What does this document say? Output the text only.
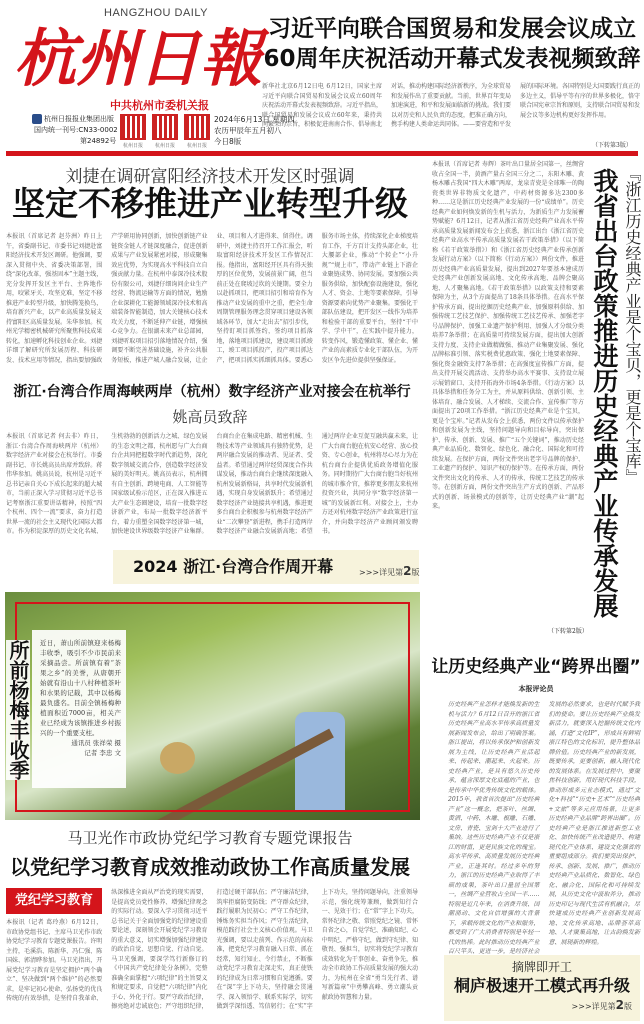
杭州日報
HANGZHOU DAILY
中共杭州市委机关报
杭州日报报业集团出版
国内统一刊号:CN33-0002
第24892号
杭州日报	杭州日报	杭州日报
2024年6月13日 星期四
农历甲辰年五月初八
今日8版
习近平向联合国贸易和发展会议成立
60周年庆祝活动开幕式发表视频致辞
新华社北京6月12日电 6月12日，国家主席习近平向联合国贸易和发展会议成立60周年庆祝活动开幕式发表视频致辞。习近平指出，联合国贸易和发展会议成立60年来，秉持共同繁荣的宗旨，积极促进南南合作、倡导南北对话，推动构建国际经济新秩序，为全球贸易和发展作出了重要贡献。当前，世界百年变局加速演进，和平和发展面临新的挑战。我们要以对历史和人民负责的态度，把准正确方向，携手构建人类命运共同体。——要营造和平发展的国际环境。各国特别是大国要践行真正的多边主义，倡导平等有序的世界多极化，恪守联合国宪章宗旨和原则，支持联合国贸易和发展会议等多边机构更好发挥作用。
（下转第3版）
刘捷在调研富阳经济技术开发区时强调
坚定不移推进产业转型升级
本报讯（首席记者 赵芬洲）昨日上午，省委副书记、市委书记刘捷赴富阳经济技术开发区调研。他强调，要深入贯彻中央、省委决策部署，围绕“深化改革，强基固本”主题主线，充分发挥开发区主平台、主阵地作用，咬紧牙关、攻坚克难，坚定不移推进产业转型升级，加快腾笼换鸟，培育新兴产业，以产业高质量发展支持富阳区高质量发展。朱华参加。杭州光学精密机械研究所聚焦科技成果转化，加速孵化科技创业企业。刘捷详细了解研究所发展历程、科技研发、技术应用等情况，指出要加强政产学研用协同创新，加快创新链产业链资金链人才链深度融合，促进创新成果与产业发展紧密对接，形成聚集效应优势，为实现高水平科技自立自强贡献力量。在杭州中泰深冷技术股份有限公司，刘捷仔细询问企业生产经营、物流运输等方面的情况，勉励企业深耕化工能源领域深冷技术和高端装备智能制造，加大关键核心技术攻关力度，不断延伸产业链，增强核心竞争力。在银湖未来产业总部园，刘捷听取项目招引落地情况介绍，强调要不断完善基础设施，补齐公共服务短板，推进产城人融合发展，让企业、项目和人才进得来、留得住。调研中，刘捷主持召开工作汇报会，听取富阳经济技术开发区工作情况汇报。他指出，富阳经开区具有得天独厚的区位优势，发展前景广阔，但当前正处在爬坡过坎的关键期。要全力以赴抓项目，把项目招引和培育作为推动产业发展的重中之重，把全生命周期管理服务理念贯穿项目建设各领域各环节，加大“走出去”招引步伐，坚持盯项目抓签约，签约项目抓落地，落地项目抓建设，建设项目抓竣工，竣工项目抓投产，投产项目抓达产，把项目抓实抓细抓具体。要悉心服务市场主体，持续深化企业梯度培育工作，千方百计支持头部企业，壮大腰部企业，推动“个转企”“小升规”“规上市”，带动产业链上下游企业聚链成势、协同发展。要加强公共服务供给，加快配套设施建设，强化人才、资金、土地等要素保障，引导资源要素向优势产业聚集。要强化干部队伍建设，把开发区一线作为培养和检验干部的重要平台，坚持“干中学、学中干”，在实践中提升能力，转变作风，锻造懂政策、懂企业、懂产业的高素质专业化干部队伍，为开发区争先进位提供坚强保证。
本报讯（首席记者 寿辉）茶叶出口量居全国第一，丝绸营收占全国一半，黄酒产量占全国三分之二，东阳木雕、黄杨木雕占我国“四大木雕”两席，龙泉青瓷是全球唯一的陶瓷类世界非物质文化遗产，中药材资源多达2300多种……这是浙江历史经典产业发展的一份“成绩单”。历史经典产业如何焕发新的生机与活力，为新质生产力发展蓄势赋能？6月12日，记者从浙江省历史经典产业高水平传承高质量发展新闻发布会上获悉，浙江出台《浙江省历史经典产业高水平传承高质量发展若干政策举措》（以下简称《若干政策举措》）和《浙江省历史经典产业传承创新发展行动方案》（以下简称《行动方案》）两份文件，推进历史经典产业高质量发展，提出到2027年要基本建成历史经典产业创新发展高地、文化传承高地、品牌会聚高地、人才聚集高地。《若干政策举措》以政策支持和要素保障为主，从3个方面提出了18条具体举措。在高水平保护传承方面，提出挖掘历史经典产业、加强原料供给、加强传统工艺技艺保护、加强传统工艺技艺传承、加强老字号品牌保护、加强工业遗产保护利用、加强人才分级分类培养7条举措；在高质量可持续发展方面，提出加大创新支持力度、支持企业做精做强、推动产业集聚发展、强化品牌标准引领、落实税费优惠政策、强化土地要素保障、强化资金融资支持7条举措；在高强度宣传推广方面，提出支持开展交流活动、支持举办高水平赛事、支持设立展示展销窗口、支持开拓海外市场4条举措。《行动方案》以具体举措和任务分工为主，并从原料供给、创新引领、主体培育、融合发展、人才梯续、交流合作、宣传推广等方面提出了20项工作举措。“浙江历史经典产业是个宝贝，更是个宝库。”记者从发布会上获悉，两份文件以传承保护和创新发展为主线，坚持问题导向和目标导向，突出保护、传承、创新、发展、推广“五个关键词”，推动历史经典产业品质化、数智化、绿色化、融合化、国际化和可持续发展。在保护方面，两份文件突出老字号品牌的保护、工业遗产的保护、知识产权的保护等。在传承方面，两份文件突出文化的传承、人才的传承、传统工艺技艺的传承等。在创新方面，两份文件突出生产方式的创新、产品形式的创新、场景模式的创新等，让历史经典产业“潮”起来。
（下转第2版）
我省出台政策推进历史经典产业传承发展 『浙江历史经典产业是个宝贝，更是个宝库』
浙江·台湾合作周海峡两岸（杭州）数字经济产业对接会在杭举行
姚高员致辞
本报讯（首席记者 何去非）昨日，浙江·台湾合作周海峡两岸（杭州）数字经济产业对接会在杭举行。市委副书记、市长姚高员出席并致辞。蒋伟华参加。姚高员说，杭州是习近平总书记亲自关心下成长起来的超大城市，当前正深入学习贯彻习近平总书记考察浙江重要讲话精神，按照“四个杭州、四个一流”要求，奋力打造世界一流的社会主义现代化国际大都市。作为积淀深厚的历史文化名城、生机勃勃的创新活力之城、绿色发展的生态文明之都，杭州愿与广大台商台企共同把握数字时代新趋势，深化数字领域交流合作，创造数字经济发展的美好明天。姚高员表示，杭州拥有自主创新、跨境电商、人工智能等国家级试验示范区，正在深入推进五大产业生态圈建设，培育一批数字经济新产业，布局一批数字经济新平台，着力重塑全国数字经济第一城，加快建设世界级数字经济产业集群。台商台企在集成电路、精密机械、生物技术等产业领域具有独特优势，是两岸融合发展的推动者、见证者、受益者。希望通过两岸经贸深度合作共谋发展，推动台商台企继续深度融入杭州发展新格局，共享时代发展新机遇，实现自身发展新跃升；希望通过数字经济产业链接共享机遇，推进更多台商台企积极参与杭州数字经济产业“二次攀登”新进程，携手打造两岸数字经济产业融合发展新高地；希望通过两岸企业互促互融共赢未来，让广大台商台胞在杭安心经营、放心投资、专心创业，杭州将尽心尽力为在杭台商台企提供优质政务增值化服务。同时期待广大台商台胞当好杭州的城市推介官，推荐更多朋友来杭州投资兴业，共同分享“数字经济第一城”的发展新红利。对接会上，主办方还对杭州数字经济产业政策进行宣介，并向数字经济产业顾问颁发聘书。
2024 浙江·台湾合作周开幕	>>>详见第2版
所前杨梅丰收季	近日，萧山所前镇迎来杨梅丰收季，吸引不少市民前来采摘品尝。所前镇有着“茶果之乡”的美誉，从唐朝开始就有沿山十八村种植茶叶和水果的记载，其中以杨梅最负盛名。目前全镇杨梅种植面积近7000亩，相关产业已经成为该镇推进乡村振兴的一个重要支柱。
通讯员 张祥荣 摄
记者 李忠 文
马卫光作市政协党纪学习教育专题党课报告
以党纪学习教育成效推动政协工作高质量发展
党纪学习教育
本报讯（记者 葛玲燕）6月12日，市政协党组书记、主席马卫光作市政协党纪学习教育专题党课报告。许明主持，毛溪浩、陈新华、冯仁强、陈国妹、郭清晔参加。马卫光指出，开展党纪学习教育是坚定拥护“两个确立”、坚决做到“两个维护”的必然要求，是牢记初心使命、弘扬党的优良传统的有效举措，是坚持自我革命、纵深推进全面从严治党的现实需要，是提高党员党性修养、增强纪律观念的实际行动。要深入学习贯彻习近平总书记关于全面加强党的纪律建设重要论述，深刻领会开展党纪学习教育的重大意义，切实增强加强纪律建设的政治自觉、思想自觉、行动自觉。马卫光强调，要深学笃行新修订的《中国共产党纪律处分条例》，完整准确全面掌握“六项纪律”的主旨要义和规定要求，自觉把“六项纪律”内化于心、外化于行。要严守政治纪律，擦亮绝对忠诚底色；严守组织纪律，打造过硬干部队伍；严守廉洁纪律，筑牢拒腐防变防线；严守群众纪律，践行履职为民初心；严守工作纪律，锤炼务实担当作风；严守生活纪律，模范践行社会主义核心价值观。马卫光强调，要以走前列、作示范的高标准，把党纪学习教育融入日常、抓在经常，知行知止、令行禁止，不断推动党纪学习教育走深走实，真正使铁的纪律成为日常习惯和自觉遵循。要在“深”字上下功夫，坚持融会贯通学、深入领悟学、联系实际学，切实做到学深悟透、笃信躬行；在“实”字上下功夫，坚持问题导向，注重领导示范，强化统筹兼顾，做到知行合一、见效于行；在“常”字上下功夫，常怀纪律之敬、常照党纪之镜、常怀自省之心，自觉学纪、准确知纪、心中明纪、严格守纪，做到守纪律、知敬畏、强担当，切实将党纪学习教育成效转化为干事创业、奋勇争先，推动全市政协工作高质量发展的强大动力，为杭州在全省“勇当先行者、谱写新篇章”中勇攀高峰、勇立潮头贡献政协智慧和力量。
让历史经典产业“跨界出圈”
本报评论员
历史经典产业怎样才能焕发新的生机与活力？6月12日召开的浙江省历史经典产业高水平传承高质量发展新闻发布会，给出了明确答案。浙江提出，将以传承保护和创新发展为主线，让历史经典产业活起来、传起来、潮起来、火起来。历史经典产业，是具有悠久历史传承，蕴含深厚文化底蕴的产业，也是传承中华优秀传统文化的载体。2015年，我省首次提出“历史经典产业”这一概念，把茶叶、丝绸、黄酒、中药、木雕、根雕、石雕、文房、青瓷、宝剑十大产业进行了集纳。这些历史经典产业不仅是浙江的财富，更是民族文化的瑰宝。高水平传承、高质量发展历史经典产业，正逢其时。经过多年的努力，浙江的历史经典产业取得了丰硕的成果，茶叶出口量居全国第一，丝绸产业营收占全国一半……特别是近几年来，在消费升级、国潮涌动、文化自信增强的大背景下，承载传统文化的产业和服务，都受到了广大消费者特别是年轻一代的热捧。此时推动历史经典产业百尺竿头、更进一步，是经济社会发展的必然要求，也是时代赋予我们的使命。要让历史经典产业焕发新活力，就要深入挖掘传统文化内涵，打造“文化IP”，形成具有鲜明浙江特色的文化标识，提升整体品牌价值。历史经典产业的新发展，既要传承，更要创新，融入现代化的发展体系。在发展过程中，要聚焦科技创新，用好现代科技手段，推动形成多元业态模式，通过“文化+科技”“历史+艺术”“历史经典+文旅”等多元应用场景，让更多历史经典产业品牌“跨界出圈”。历史经典产业是浙江推进新型工业化、加快传统产业改造提升、构建现代化产业体系、建设文化强省的重要组成部分。我们要突出保护、传承、创新、发展、推广，推动历史经典产业品质化、数智化、绿色化、融合化、国际化和可持续发展，从历史文化中汲取养分，推动历史印记与现代生活有机融合，尽快建成历史经典产业创新发展高地、文化传承高地、品牌荟萃高地、人才聚集高地，让古韵焕发新意、展现新的辉煌。
摘牌即开工
桐庐极速开工模式再升级
>>>详见第2版
